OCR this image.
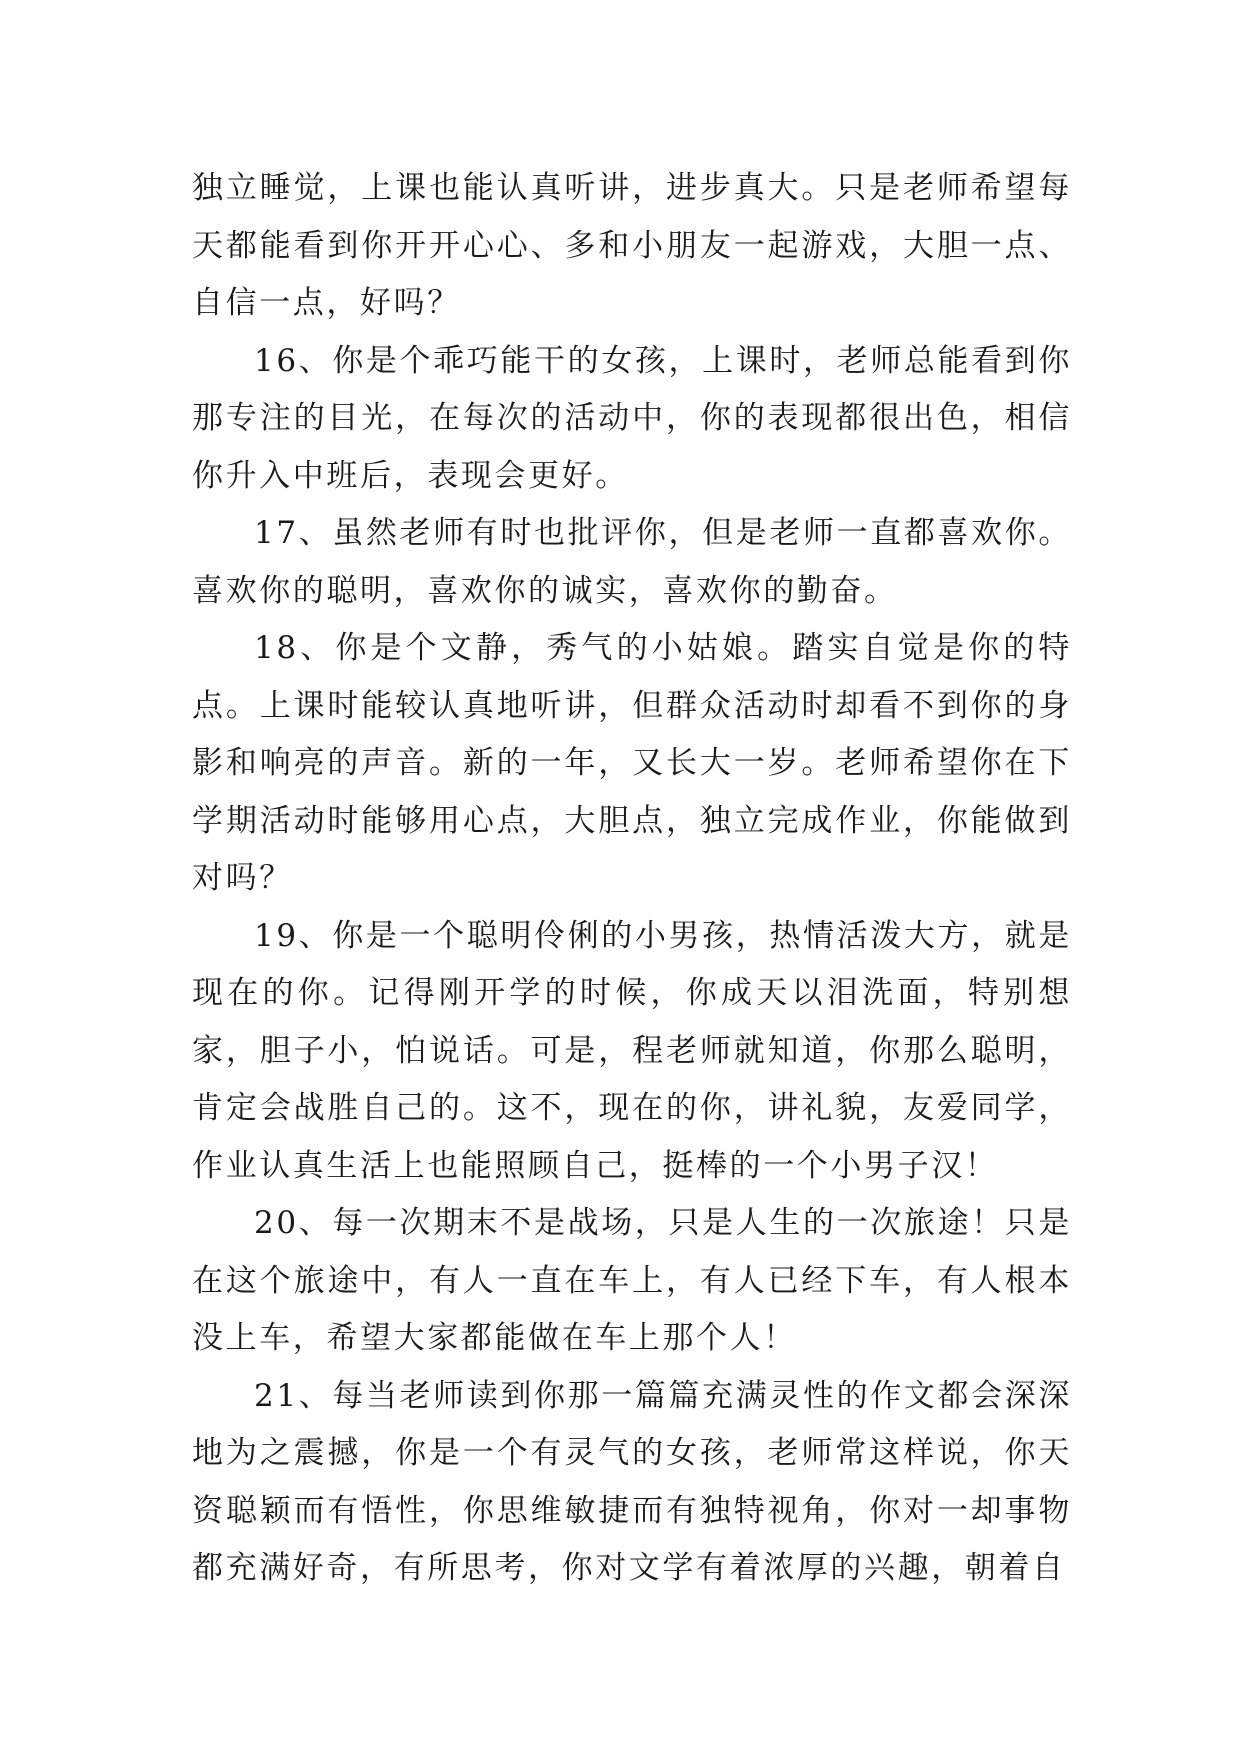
独立睡觉，上课也能认真听讲，进步真大。只是老师希望每天都能看到你开开心心、多和小朋友一起游戏，大胆一点、自信一点，好吗？

16、你是个乖巧能干的女孩，上课时，老师总能看到你那专注的目光，在每次的活动中，你的表现都很出色，相信你升入中班后，表现会更好。

17、虽然老师有时也批评你，但是老师一直都喜欢你。喜欢你的聪明，喜欢你的诚实，喜欢你的勤奋。

18、你是个文静，秀气的小姑娘。踏实自觉是你的特点。上课时能较认真地听讲，但群众活动时却看不到你的身影和响亮的声音。新的一年，又长大一岁。老师希望你在下学期活动时能够用心点，大胆点，独立完成作业，你能做到对吗？

19、你是一个聪明伶俐的小男孩，热情活泼大方，就是现在的你。记得刚开学的时候，你成天以泪洗面，特别想家，胆子小，怕说话。可是，程老师就知道，你那么聪明，肯定会战胜自己的。这不，现在的你，讲礼貌，友爱同学，作业认真生活上也能照顾自己，挺棒的一个小男子汉！

20、每一次期末不是战场，只是人生的一次旅途！只是在这个旅途中，有人一直在车上，有人已经下车，有人根本没上车，希望大家都能做在车上那个人！

21、每当老师读到你那一篇篇充满灵性的作文都会深深地为之震撼，你是一个有灵气的女孩，老师常这样说，你天资聪颖而有悟性，你思维敏捷而有独特视角，你对一却事物都充满好奇，有所思考，你对文学有着浓厚的兴趣，朝着自
